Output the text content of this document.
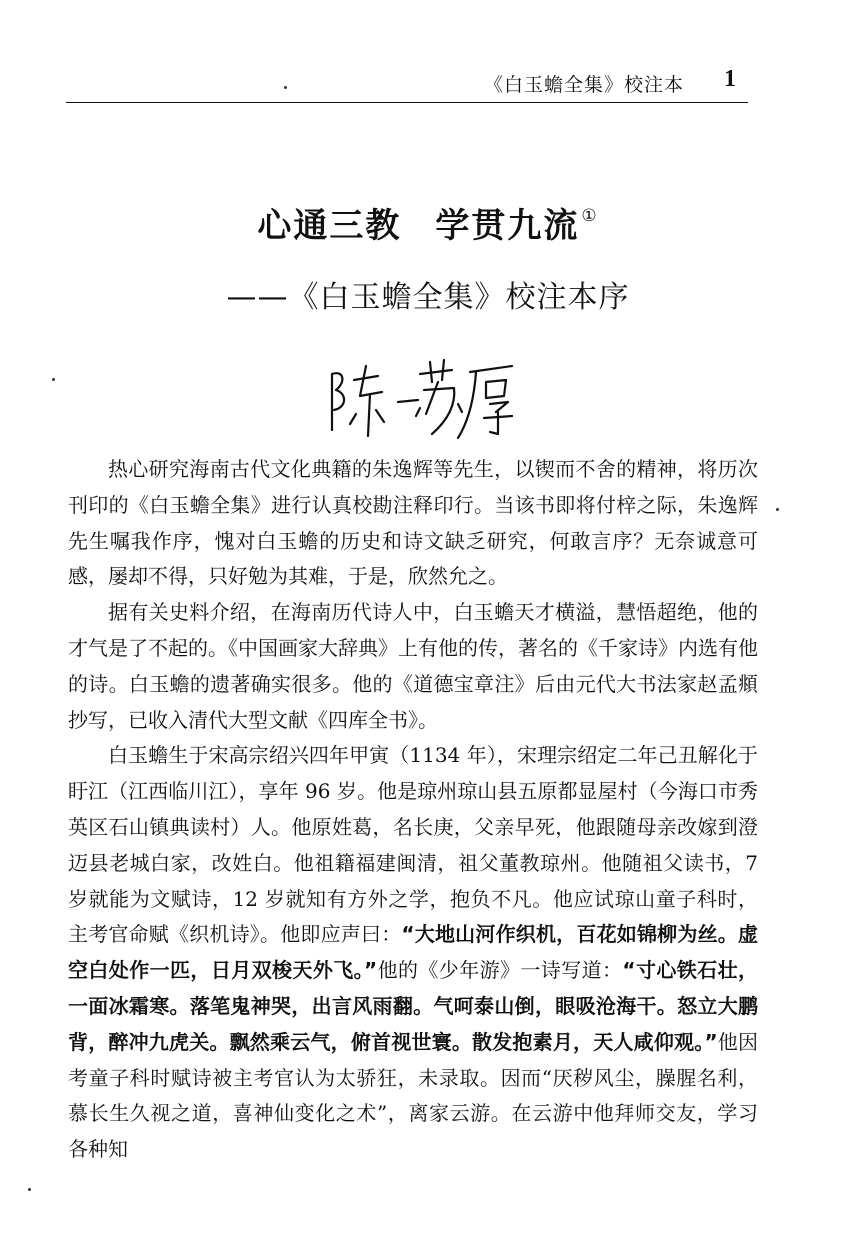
《白玉蟾全集》校注本 1
心通三教 学贯九流 ①
——《白玉蟾全集》校注本序

热心研究海南古代文化典籍的朱逸辉等先生，以锲而不舍的精神，将历次刊印的《白玉蟾全集》进行认真校勘注释印行。当该书即将付梓之际，朱逸辉先生嘱我作序，愧对白玉蟾的历史和诗文缺乏研究，何敢言序？无奈诚意可感，屡却不得，只好勉为其难，于是，欣然允之。

据有关史料介绍，在海南历代诗人中，白玉蟾天才横溢，慧悟超绝，他的才气是了不起的。《中国画家大辞典》上有他的传，著名的《千家诗》内选有他的诗。白玉蟾的遗著确实很多。他的《道德宝章注》后由元代大书法家赵孟頫抄写，已收入清代大型文献《四库全书》。

白玉蟾生于宋高宗绍兴四年甲寅（1134 年），宋理宗绍定二年己丑解化于盱江（江西临川江），享年 96 岁。他是琼州琼山县五原都显屋村（今海口市秀英区石山镇典读村）人。他原姓葛，名长庚，父亲早死，他跟随母亲改嫁到澄迈县老城白家，改姓白。他祖籍福建闽清，祖父董教琼州。他随祖父读书，7 岁就能为文赋诗，12 岁就知有方外之学，抱负不凡。他应试琼山童子科时，主考官命赋《织机诗》。他即应声曰：“大地山河作织机，百花如锦柳为丝。虚空白处作一匹，日月双梭天外飞。”他的《少年游》一诗写道：“寸心铁石壮，一面冰霜寒。落笔鬼神哭，出言风雨翻。气呵泰山倒，眼吸沧海干。怒立大鹏背，醉冲九虎关。飘然乘云气，俯首视世寰。散发抱素月，天人咸仰观。”他因考童子科时赋诗被主考官认为太骄狂，未录取。因而“厌秽风尘，臊腥名利，慕长生久视之道，喜神仙变化之术”，离家云游。在云游中他拜师交友，学习各种知
